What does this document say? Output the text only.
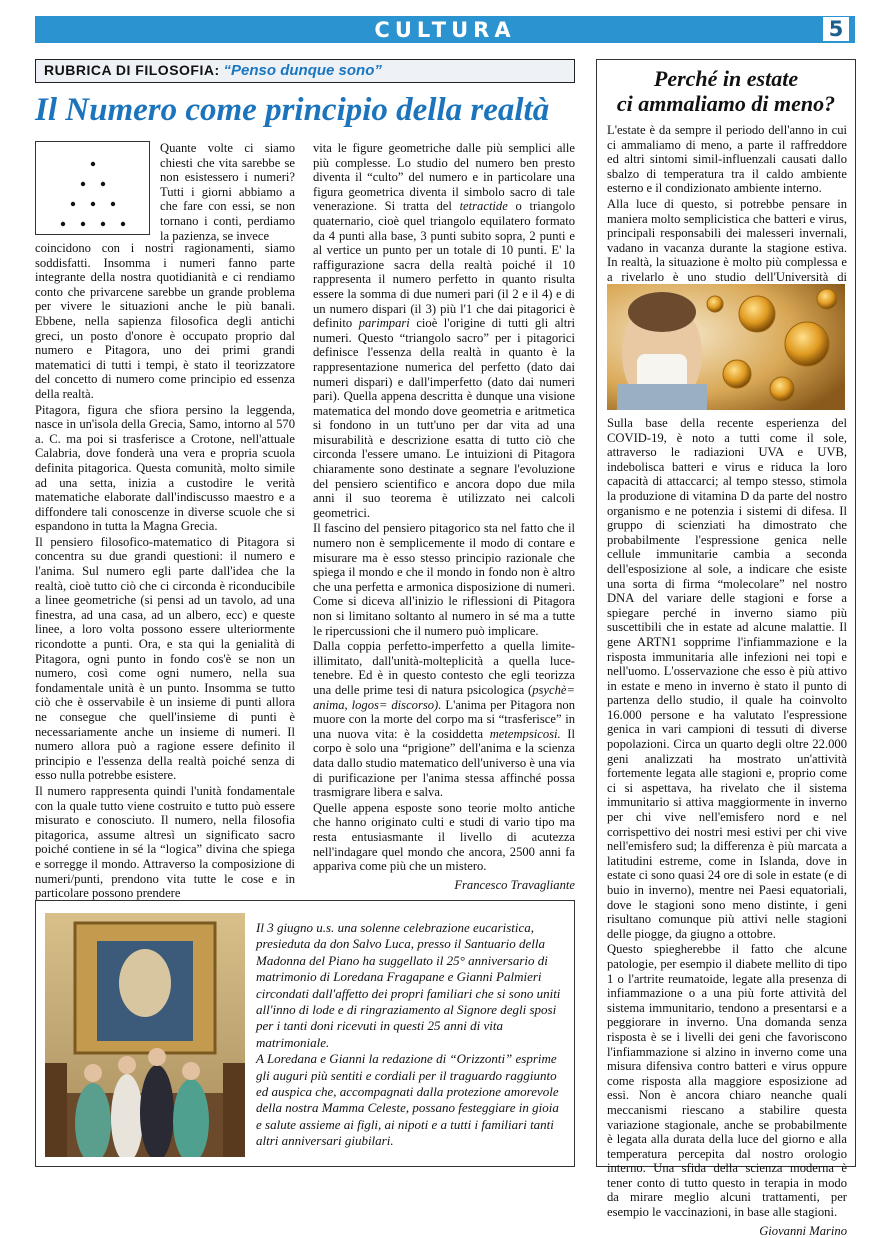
CULTURA	5
RUBRICA DI FILOSOFIA: “Penso dunque sono”
Il Numero come principio della realtà

Quante volte ci siamo chiesti che vita sarebbe se non esistessero i numeri? Tutti i giorni abbiamo a che fare con essi, se non tornano i conti, perdiamo la pazienza, se invece

coincidono con i nostri ragionamenti, siamo soddisfatti. Insomma i numeri fanno parte integrante della nostra quotidianità e ci rendiamo conto che privarcene sarebbe un grande problema per vivere le situazioni anche le più banali. Ebbene, nella sapienza filosofica degli antichi greci, un posto d'onore è occupato proprio dal numero e Pitagora, uno dei primi grandi matematici di tutti i tempi, è stato il teorizzatore del concetto di numero come principio ed essenza della realtà.

Pitagora, figura che sfiora persino la leggenda, nasce in un'isola della Grecia, Samo, intorno al 570 a. C. ma poi si trasferisce a Crotone, nell'attuale Calabria, dove fonderà una vera e propria scuola definita pitagorica. Questa comunità, molto simile ad una setta, inizia a custodire le verità matematiche elaborate dall'indiscusso maestro e a diffondere tali conoscenze in diverse scuole che si espandono in tutta la Magna Grecia.

Il pensiero filosofico-matematico di Pitagora si concentra su due grandi questioni: il numero e l'anima. Sul numero egli parte dall'idea che la realtà, cioè tutto ciò che ci circonda è riconducibile a linee geometriche (si pensi ad un tavolo, ad una finestra, ad una casa, ad un albero, ecc) e queste linee, a loro volta possono essere ulteriormente ricondotte a punti. Ora, e sta qui la genialità di Pitagora, ogni punto in fondo cos'è se non un numero, così come ogni numero, nella sua fondamentale unità è un punto. Insomma se tutto ciò che è osservabile è un insieme di punti allora ne consegue che quell'insieme di punti è necessariamente anche un insieme di numeri. Il numero allora può a ragione essere definito il principio e l'essenza della realtà poiché senza di esso nulla potrebbe esistere.

Il numero rappresenta quindi l'unità fondamentale con la quale tutto viene costruito e tutto può essere misurato e conosciuto. Il numero, nella filosofia pitagorica, assume altresì un significato sacro poiché contiene in sé la “logica” divina che spiega e sorregge il mondo. Attraverso la composizione di numeri/punti, prendono vita tutte le cose e in particolare possono prendere

vita le figure geometriche dalle più semplici alle più complesse. Lo studio del numero ben presto diventa il “culto” del numero e in particolare una figura geometrica diventa il simbolo sacro di tale venerazione. Si tratta del tetractide o triangolo quaternario, cioè quel triangolo equilatero formato da 4 punti alla base, 3 punti subito sopra, 2 punti e al vertice un punto per un totale di 10 punti. E' la raffigurazione sacra della realtà poiché il 10 rappresenta il numero perfetto in quanto risulta essere la somma di due numeri pari (il 2 e il 4) e di un numero dispari (il 3) più l'1 che dai pitagorici è definito parimpari cioè l'origine di tutti gli altri numeri. Questo “triangolo sacro” per i pitagorici definisce l'essenza della realtà in quanto è la rappresentazione numerica del perfetto (dato dai numeri dispari) e dall'imperfetto (dato dai numeri pari). Quella appena descritta è dunque una visione matematica del mondo dove geometria e aritmetica si fondono in un tutt'uno per dar vita ad una misurabilità e descrizione esatta di tutto ciò che circonda l'essere umano. Le intuizioni di Pitagora chiaramente sono destinate a segnare l'evoluzione del pensiero scientifico e ancora dopo due mila anni il suo teorema è utilizzato nei calcoli geometrici.

Il fascino del pensiero pitagorico sta nel fatto che il numero non è semplicemente il modo di contare e misurare ma è esso stesso principio razionale che spiega il mondo e che il mondo in fondo non è altro che una perfetta e armonica disposizione di numeri. Come si diceva all'inizio le riflessioni di Pitagora non si limitano soltanto al numero in sé ma a tutte le ripercussioni che il numero può implicare.

Dalla coppia perfetto-imperfetto a quella limite-illimitato, dall'unità-molteplicità a quella luce-tenebre. Ed è in questo contesto che egli teorizza una delle prime tesi di natura psicologica (psychè= anima, logos= discorso). L'anima per Pitagora non muore con la morte del corpo ma si “trasferisce” in una nuova vita: è la cosiddetta metempsicosi. Il corpo è solo una “prigione” dell'anima e la scienza data dallo studio matematico dell'universo è una via di purificazione per l'anima stessa affinché possa trasmigrare libera e salva.

Quelle appena esposte sono teorie molto antiche che hanno originato culti e studi di vario tipo ma resta entusiasmante il livello di acutezza nell'indagare quel mondo che ancora, 2500 anni fa appariva come più che un mistero.

Francesco Travagliante
Perché in estate
ci ammaliamo di meno?

L'estate è da sempre il periodo dell'anno in cui ci ammaliamo di meno, a parte il raffreddore ed altri sintomi simil-influenzali causati dallo sbalzo di temperatura tra il caldo ambiente esterno e il condizionato ambiente interno.

Alla luce di questo, si potrebbe pensare in maniera molto semplicistica che batteri e virus, principali responsabili dei malesseri invernali, vadano in vacanza durante la stagione estiva. In realtà, la situazione è molto più complessa e a rivelarlo è uno studio dell'Università di

Sulla base della recente esperienza del COVID-19, è noto a tutti come il sole, attraverso le radiazioni UVA e UVB, indebolisca batteri e virus e riduca la loro capacità di attaccarci; al tempo stesso, stimola la produzione di vitamina D da parte del nostro organismo e ne potenzia i sistemi di difesa. Il gruppo di scienziati ha dimostrato che probabilmente l'espressione genica nelle cellule immunitarie cambia a seconda dell'esposizione al sole, a indicare che esiste una sorta di firma “molecolare” nel nostro DNA del variare delle stagioni e forse a spiegare perché in inverno siamo più suscettibili che in estate ad alcune malattie. Il gene ARTN1 sopprime l'infiammazione e la risposta immunitaria alle infezioni nei topi e nell'uomo. L'osservazione che esso è più attivo in estate e meno in inverno è stato il punto di partenza dello studio, il quale ha coinvolto 16.000 persone e ha valutato l'espressione genica in vari campioni di tessuti di diverse popolazioni. Circa un quarto degli oltre 22.000 geni analizzati ha mostrato un'attività fortemente legata alle stagioni e, proprio come ci si aspettava, ha rivelato che il sistema immunitario si attiva maggiormente in inverno per chi vive nell'emisfero nord e nel corrispettivo dei nostri mesi estivi per chi vive nell'emisfero sud; la differenza è più marcata a latitudini estreme, come in Islanda, dove in estate ci sono quasi 24 ore di sole in estate (e di buio in inverno), mentre nei Paesi equatoriali, dove le stagioni sono meno distinte, i geni risultano comunque più attivi nelle stagioni delle piogge, da giugno a ottobre.

Questo spiegherebbe il fatto che alcune patologie, per esempio il diabete mellito di tipo 1 o l'artrite reumatoide, legate alla presenza di infiammazione o a una più forte attività del sistema immunitario, tendono a presentarsi e a peggiorare in inverno. Una domanda senza risposta è se i livelli dei geni che favoriscono l'infiammazione si alzino in inverno come una misura difensiva contro batteri e virus oppure come risposta alla maggiore esposizione ad essi. Non è ancora chiaro neanche quali meccanismi riescano a stabilire questa variazione stagionale, anche se probabilmente è legata alla durata della luce del giorno e alla temperatura percepita dal nostro orologio interno. Una sfida della scienza moderna è tener conto di tutto questo in terapia in modo da mirare meglio alcuni trattamenti, per esempio le vaccinazioni, in base alle stagioni.

Giovanni Marino

Il 3 giugno u.s. una solenne celebrazione eucaristica, presieduta da don Salvo Luca, presso il Santuario della Madonna del Piano ha suggellato il 25° anniversario di matrimonio di Loredana Fragapane e Gianni Palmieri circondati dall'affetto dei propri familiari che si sono uniti all'inno di lode e di ringraziamento al Signore degli sposi per i tanti doni ricevuti in questi 25 anni di vita matrimoniale.

A Loredana e Gianni la redazione di “Orizzonti” esprime gli auguri più sentiti e cordiali per il traguardo raggiunto ed auspica che, accompagnati dalla protezione amorevole della nostra Mamma Celeste, possano festeggiare in gioia e salute assieme ai figli, ai nipoti e a tutti i familiari tanti altri anniversari giubilari.
